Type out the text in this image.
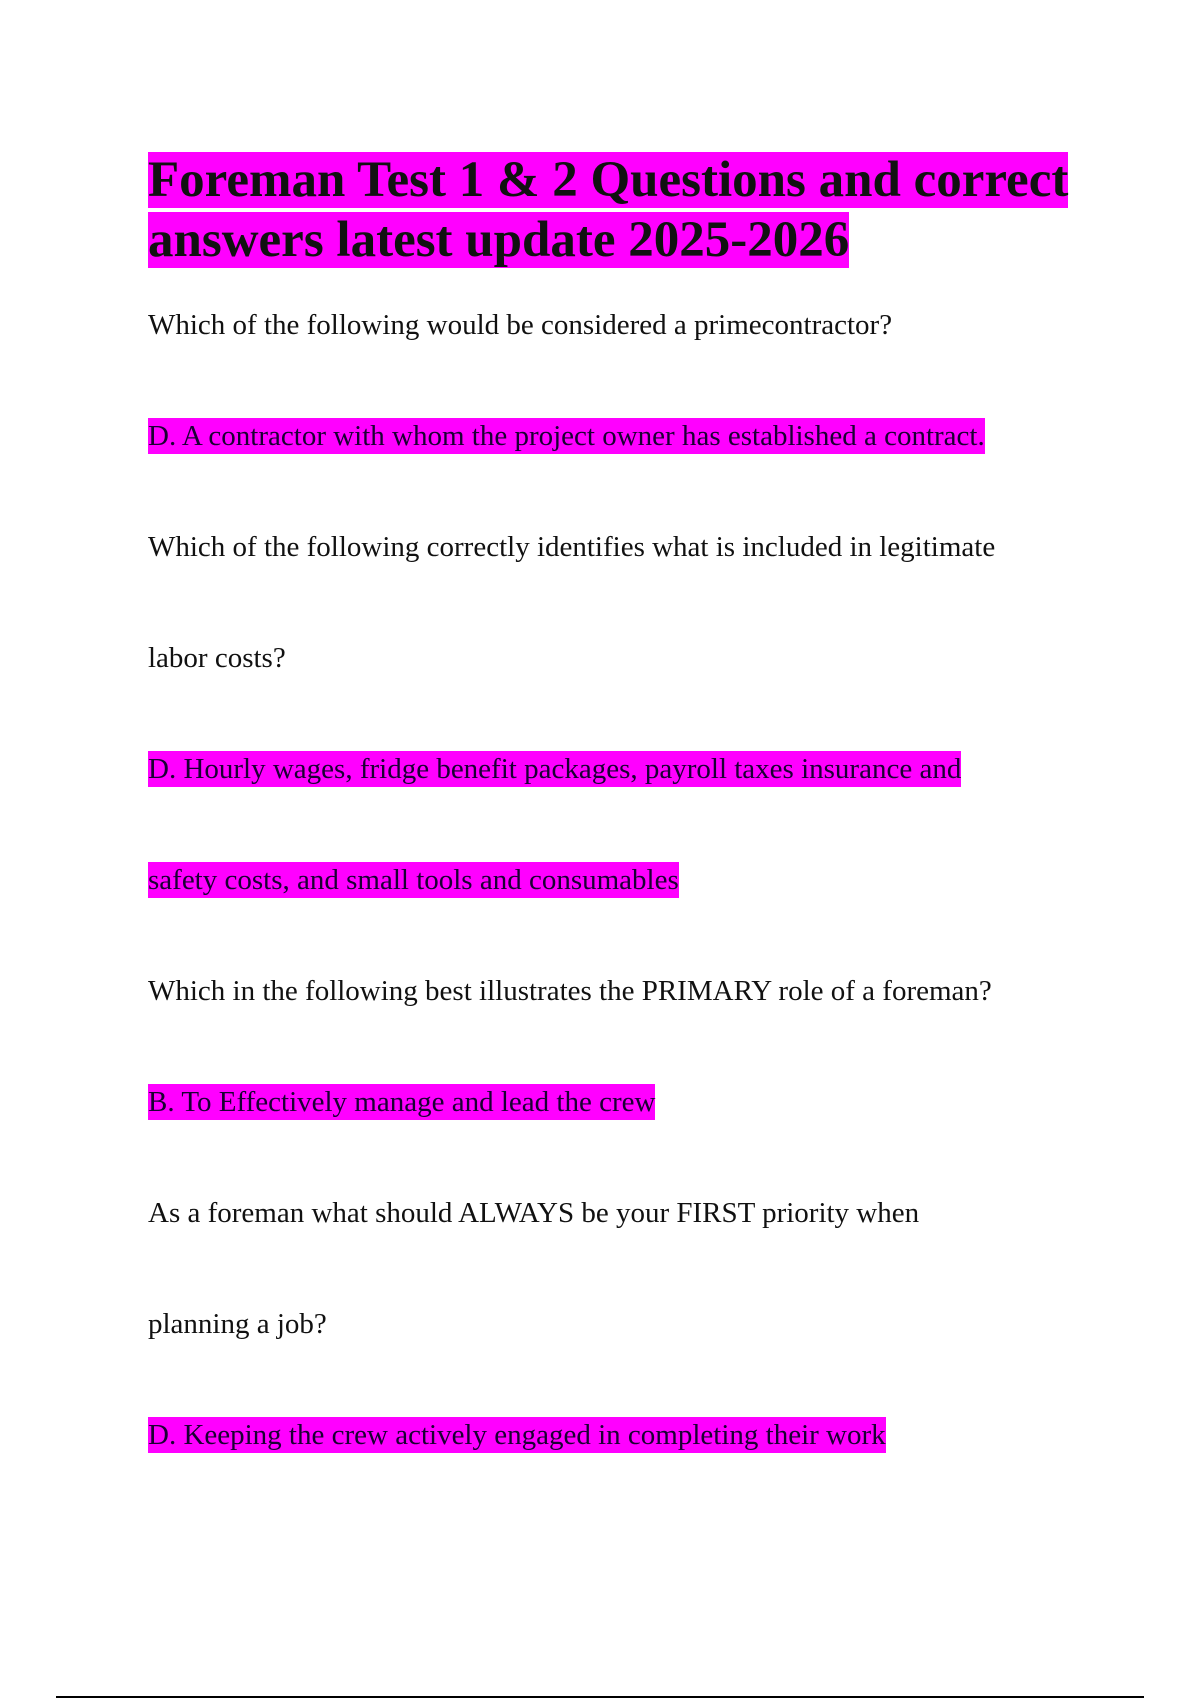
Foreman Test 1 & 2 Questions and correct answers latest update 2025-2026
Which of the following would be considered a primecontractor?
D. A contractor with whom the project owner has established a contract.
Which of the following correctly identifies what is included in legitimate
labor costs?
D. Hourly wages, fridge benefit packages, payroll taxes insurance and
safety costs, and small tools and consumables
Which in the following best illustrates the PRIMARY role of a foreman?
B. To Effectively manage and lead the crew
As a foreman what should ALWAYS be your FIRST priority when
planning a job?
D. Keeping the crew actively engaged in completing their work
